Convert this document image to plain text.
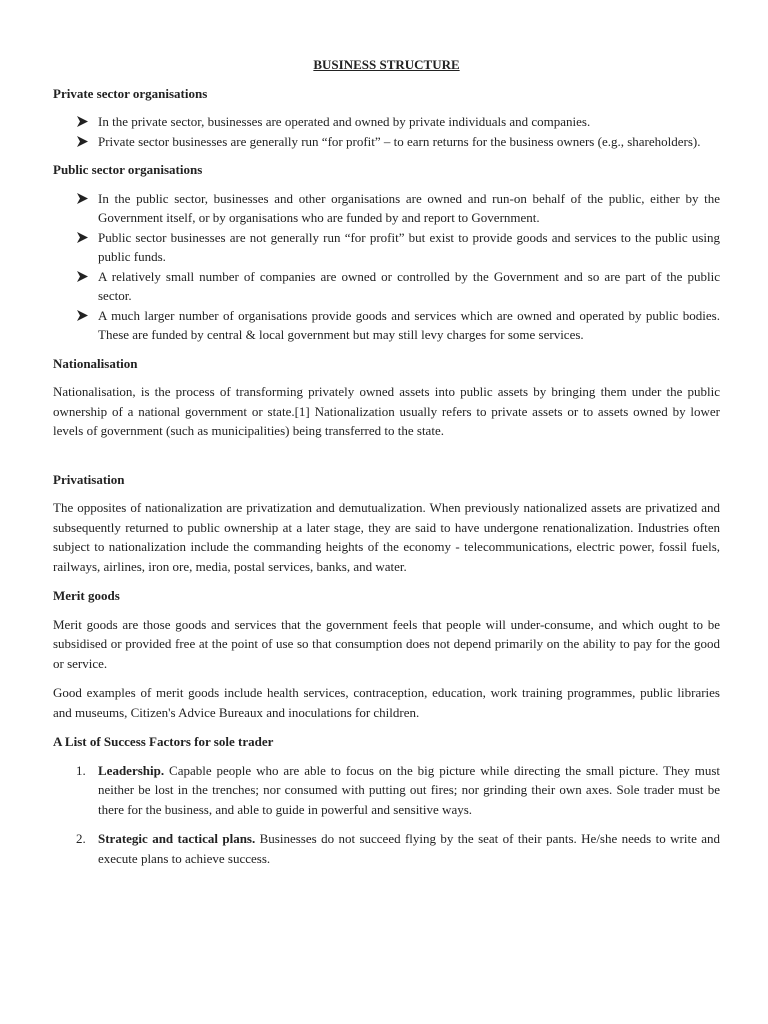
BUSINESS STRUCTURE
Private sector organisations
In the private sector, businesses are operated and owned by private individuals and companies.
Private sector businesses are generally run “for profit” – to earn returns for the business owners (e.g., shareholders).
Public sector organisations
In the public sector, businesses and other organisations are owned and run-on behalf of the public, either by the Government itself, or by organisations who are funded by and report to Government.
Public sector businesses are not generally run “for profit” but exist to provide goods and services to the public using public funds.
A relatively small number of companies are owned or controlled by the Government and so are part of the public sector.
A much larger number of organisations provide goods and services which are owned and operated by public bodies. These are funded by central & local government but may still levy charges for some services.
Nationalisation

Nationalisation, is the process of transforming privately owned assets into public assets by bringing them under the public ownership of a national government or state.[1] Nationalization usually refers to private assets or to assets owned by lower levels of government (such as municipalities) being transferred to the state.

Privatisation

The opposites of nationalization are privatization and demutualization. When previously nationalized assets are privatized and subsequently returned to public ownership at a later stage, they are said to have undergone renationalization. Industries often subject to nationalization include the commanding heights of the economy - telecommunications, electric power, fossil fuels, railways, airlines, iron ore, media, postal services, banks, and water.

Merit goods

Merit goods are those goods and services that the government feels that people will under-consume, and which ought to be subsidised or provided free at the point of use so that consumption does not depend primarily on the ability to pay for the good or service.

Good examples of merit goods include health services, contraception, education, work training programmes, public libraries and museums, Citizen's Advice Bureaux and inoculations for children.

A List of Success Factors for sole trader
1. Leadership. Capable people who are able to focus on the big picture while directing the small picture. They must neither be lost in the trenches; nor consumed with putting out fires; nor grinding their own axes. Sole trader must be there for the business, and able to guide in powerful and sensitive ways.
2. Strategic and tactical plans. Businesses do not succeed flying by the seat of their pants. He/she needs to write and execute plans to achieve success.
